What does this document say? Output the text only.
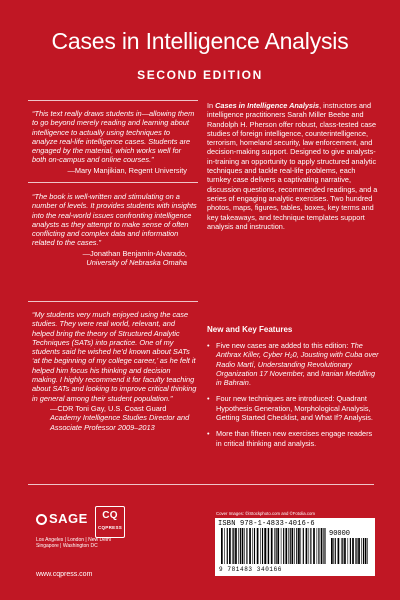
Cases in Intelligence Analysis
SECOND EDITION
“This text really draws students in—allowing them to go beyond merely reading and learning about intelligence to actually using techniques to analyze real-life intelligence cases. Students are engaged by the material, which works well for both on-campus and online courses.”
—Mary Manjikian, Regent University
“The book is well-written and stimulating on a number of levels. It provides students with insights into the real-world issues confronting intelligence analysts as they attempt to make sense of often conflicting and complex data and information related to the cases.”
—Jonathan Benjamin-Alvarado,
University of Nebraska Omaha
“My students very much enjoyed using the case studies. They were real world, relevant, and helped bring the theory of Structured Analytic Techniques (SATs) into practice. One of my students said he wished he’d known about SATs ‘at the beginning of my college career,’ as he felt it helped him focus his thinking and decision making. I highly recommend it for faculty teaching about SATs and looking to improve critical thinking in general among their student population.”
—CDR Toni Gay, U.S. Coast Guard
Academy Intelligence Studies Director and Associate Professor 2009–2013
In Cases in Intelligence Analysis, instructors and intelligence practitioners Sarah Miller Beebe and Randolph H. Pherson offer robust, class-tested case studies of foreign intelligence, counterintelligence, terrorism, homeland security, law enforcement, and decision-making support. Designed to give analysts-in-training an opportunity to apply structured analytic techniques and tackle real-life problems, each turnkey case delivers a captivating narrative, discussion questions, recommended readings, and a series of engaging analytic exercises. Two hundred photos, maps, figures, tables, boxes, key terms and key takeaways, and technique templates support analysis and instruction.
New and Key Features
• Five new cases are added to this edition: The Anthrax Killer, Cyber H₂0, Jousting with Cuba over Radio Martí, Understanding Revolutionary Organization 17 November, and Iranian Meddling in Bahrain.
• Four new techniques are introduced: Quadrant Hypothesis Generation, Morphological Analysis, Getting Started Checklist, and What If? Analysis.
• More than fifteen new exercises engage readers in critical thinking and analysis.
SAGE	CQ
CQPRESS
Los Angeles | London | New Delhi
Singapore | Washington DC
www.cqpress.com
Cover Images: ©iStockphoto.com and ©Fotolia.com
ISBN 978-1-4833-4016-6
90000
9 781483 340166
